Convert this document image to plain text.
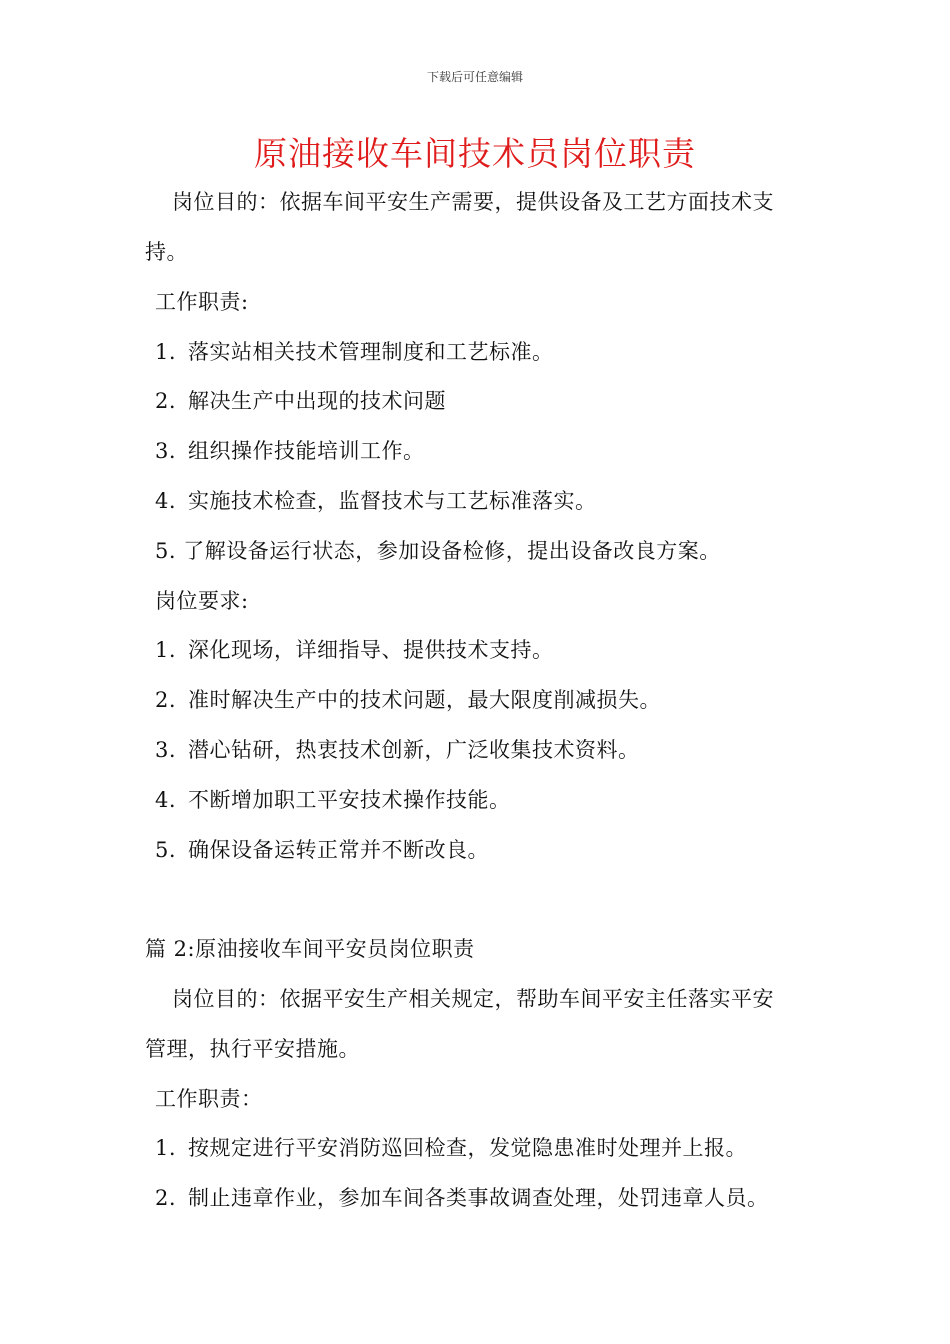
下载后可任意编辑
原油接收车间技术员岗位职责
岗位目的：依据车间平安生产需要，提供设备及工艺方面技术支
持。
工作职责:
1. 落实站相关技术管理制度和工艺标准。
2. 解决生产中出现的技术问题
3. 组织操作技能培训工作。
4. 实施技术检查，监督技术与工艺标准落实。
5. 了解设备运行状态，参加设备检修，提出设备改良方案。
岗位要求:
1. 深化现场，详细指导、提供技术支持。
2. 准时解决生产中的技术问题，最大限度削减损失。
3. 潜心钻研，热衷技术创新，广泛收集技术资料。
4. 不断增加职工平安技术操作技能。
5. 确保设备运转正常并不断改良。
篇 2:原油接收车间平安员岗位职责
岗位目的：依据平安生产相关规定，帮助车间平安主任落实平安
管理，执行平安措施。
工作职责：
1. 按规定进行平安消防巡回检查，发觉隐患准时处理并上报。
2. 制止违章作业，参加车间各类事故调查处理，处罚违章人员。
